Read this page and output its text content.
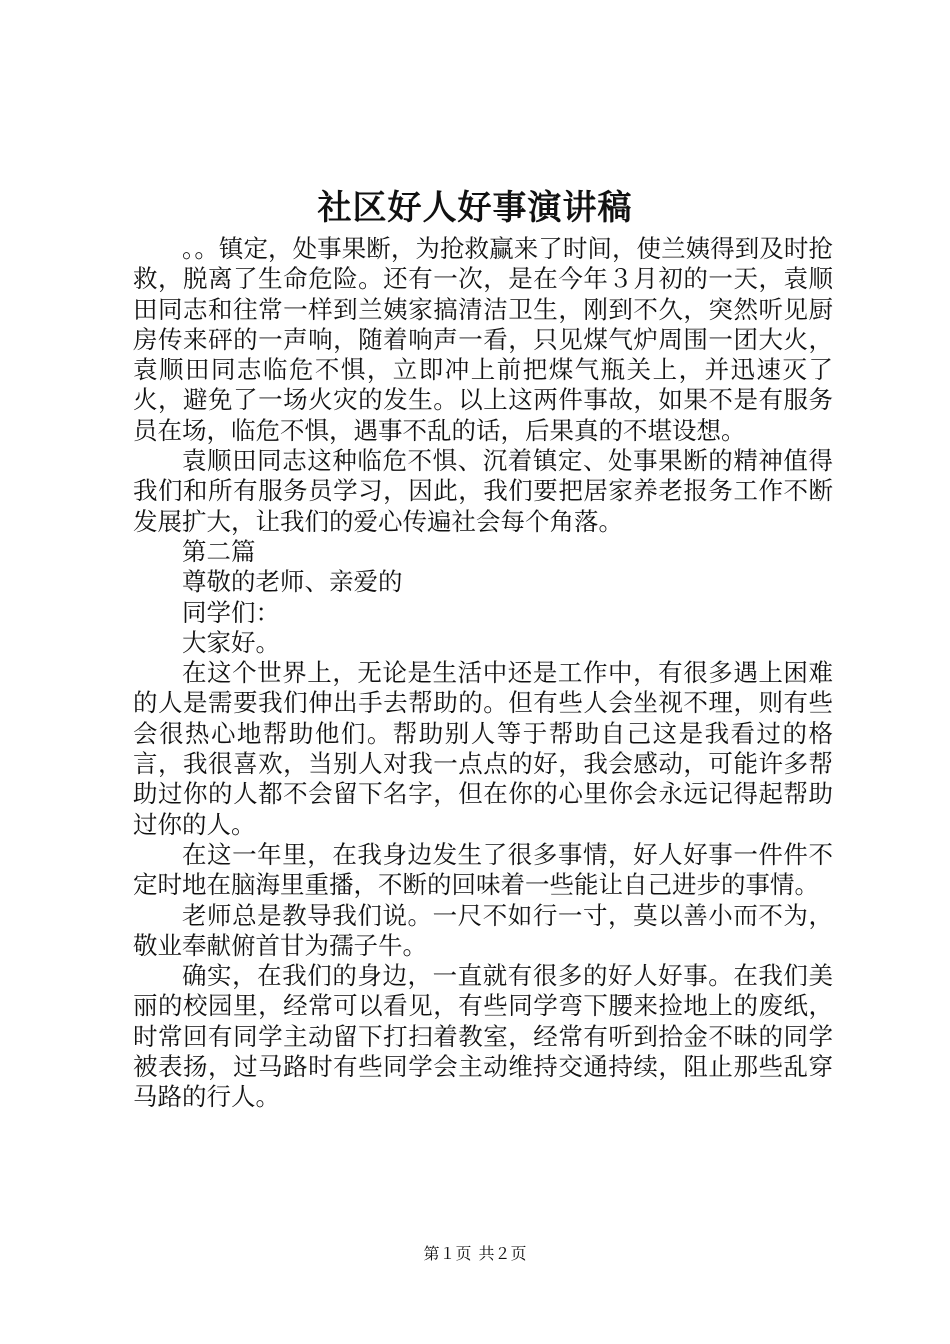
社区好人好事演讲稿

。。镇定，处事果断，为抢救赢来了时间，使兰姨得到及时抢救，脱离了生命危险。还有一次，是在今年３月初的一天，袁顺田同志和往常一样到兰姨家搞清洁卫生，刚到不久，突然听见厨房传来砰的一声响，随着响声一看，只见煤气炉周围一团大火，袁顺田同志临危不惧，立即冲上前把煤气瓶关上，并迅速灭了火，避免了一场火灾的发生。以上这两件事故，如果不是有服务员在场，临危不惧，遇事不乱的话，后果真的不堪设想。

袁顺田同志这种临危不惧、沉着镇定、处事果断的精神值得我们和所有服务员学习，因此，我们要把居家养老报务工作不断发展扩大，让我们的爱心传遍社会每个角落。

第二篇

尊敬的老师、亲爱的

同学们：

大家好。

在这个世界上，无论是生活中还是工作中，有很多遇上困难的人是需要我们伸出手去帮助的。但有些人会坐视不理，则有些会很热心地帮助他们。帮助别人等于帮助自己这是我看过的格言，我很喜欢，当别人对我一点点的好，我会感动，可能许多帮助过你的人都不会留下名字，但在你的心里你会永远记得起帮助过你的人。

在这一年里，在我身边发生了很多事情，好人好事一件件不定时地在脑海里重播，不断的回味着一些能让自己进步的事情。

老师总是教导我们说。一尺不如行一寸，莫以善小而不为，敬业奉献俯首甘为孺子牛。

确实，在我们的身边，一直就有很多的好人好事。在我们美丽的校园里，经常可以看见，有些同学弯下腰来捡地上的废纸，时常回有同学主动留下打扫着教室，经常有听到拾金不昧的同学被表扬，过马路时有些同学会主动维持交通持续，阻止那些乱穿马路的行人。

第１页 共２页
